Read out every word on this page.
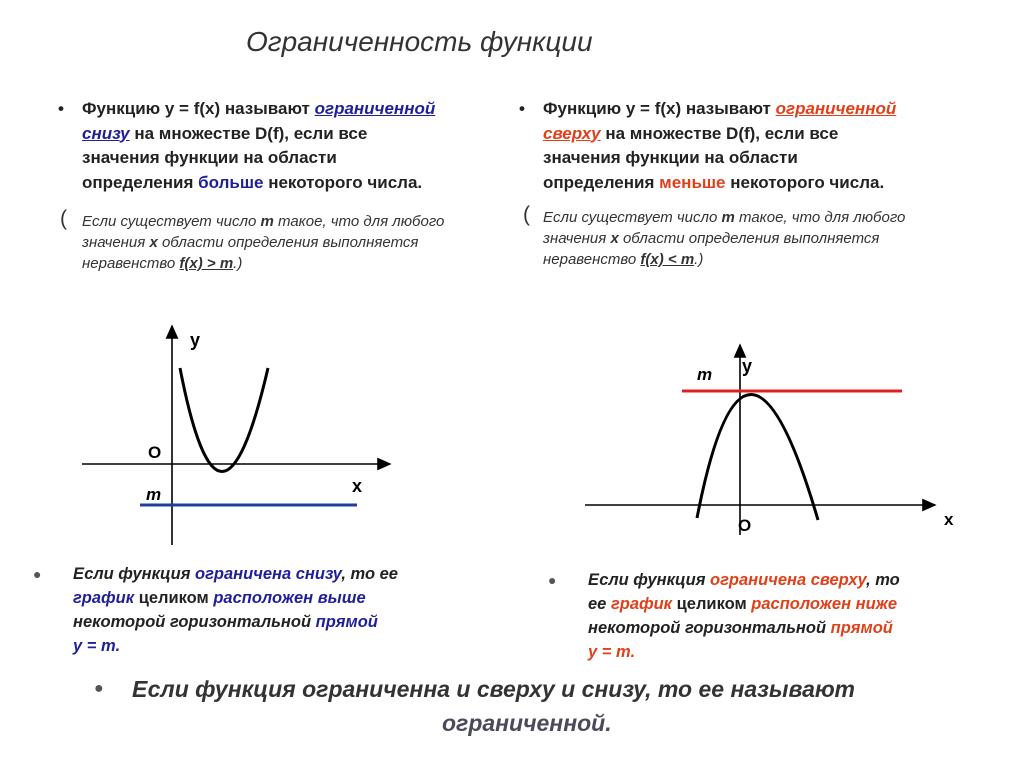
Ограниченность функции
• Функцию y = f(x) называют ограниченной
снизу на множестве D(f), если все
значения функции на области
определения больше некоторого числа.
( Если существует число m такое, что для любого
значения x области определения выполняется
неравенство f(x) > m.)
• Функцию y = f(x) называют ограниченной
сверху на множестве D(f), если все
значения функции на области
определения меньше некоторого числа.
( Если существует число m такое, что для любого
значения x области определения выполняется
неравенство f(x) < m.)
y
x
O
m
y
x
O
m
● Если функция ограничена снизу, то ее
график целиком расположен выше
некоторой горизонтальной прямой
y = m.
● Если функция ограничена сверху, то
ее график целиком расположен ниже
некоторой горизонтальной прямой
y = m.
● Если функция ограниченна и сверху и снизу, то ее называют
ограниченной.
